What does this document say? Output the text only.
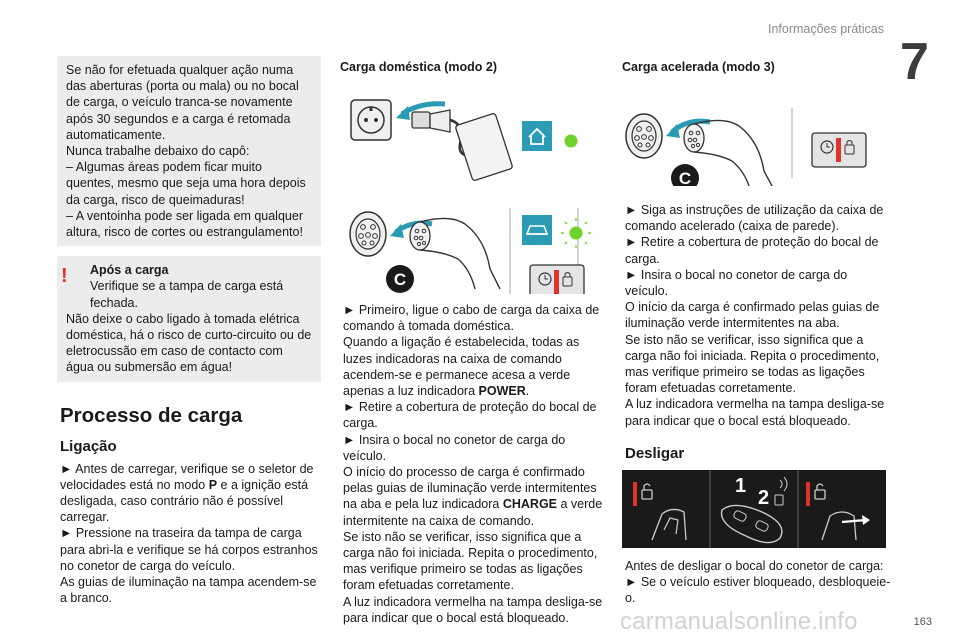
Informações práticas
7

Se não for efetuada qualquer ação numa das aberturas (porta ou mala) ou no bocal de carga, o veículo tranca-se novamente após 30 segundos e a carga é retomada automaticamente.

Nunca trabalhe debaixo do capô:

– Algumas áreas podem ficar muito quentes, mesmo que seja uma hora depois da carga, risco de queimaduras!

– A ventoinha pode ser ligada em qualquer altura, risco de cortes ou estrangulamento!

!	Após a carga

Verifique se a tampa de carga está fechada.

Não deixe o cabo ligado à tomada elétrica doméstica, há o risco de curto-circuito ou de eletrocussão em caso de contacto com água ou submersão em água!

Processo de carga
Ligação

► Antes de carregar, verifique se o seletor de velocidades está no modo P e a ignição está desligada, caso contrário não é possível carregar.

► Pressione na traseira da tampa de carga para abri-la e verifique se há corpos estranhos no conetor de carga do veículo.

As guias de iluminação na tampa acendem-se a branco.

Carga doméstica (modo 2)
C

► Primeiro, ligue o cabo de carga da caixa de comando à tomada doméstica.

Quando a ligação é estabelecida, todas as luzes indicadoras na caixa de comando acendem-se e permanece acesa a verde apenas a luz indicadora POWER.

► Retire a cobertura de proteção do bocal de carga.

► Insira o bocal no conetor de carga do veículo.

O início do processo de carga é confirmado pelas guias de iluminação verde intermitentes na aba e pela luz indicadora CHARGE a verde intermitente na caixa de comando.

Se isto não se verificar, isso significa que a carga não foi iniciada. Repita o procedimento, mas verifique primeiro se todas as ligações foram efetuadas corretamente.

A luz indicadora vermelha na tampa desliga-se para indicar que o bocal está bloqueado.

Carga acelerada (modo 3)
C

► Siga as instruções de utilização da caixa de comando acelerado (caixa de parede).

► Retire a cobertura de proteção do bocal de carga.

► Insira o bocal no conetor de carga do veículo.

O início da carga é confirmado pelas guias de iluminação verde intermitentes na aba.

Se isto não se verificar, isso significa que a carga não foi iniciada. Repita o procedimento, mas verifique primeiro se todas as ligações foram efetuadas corretamente.

A luz indicadora vermelha na tampa desliga-se para indicar que o bocal está bloqueado.

Desligar
1
2

Antes de desligar o bocal do conetor de carga:

► Se o veículo estiver bloqueado, desbloqueie-o.

163
carmanualsonline.info
